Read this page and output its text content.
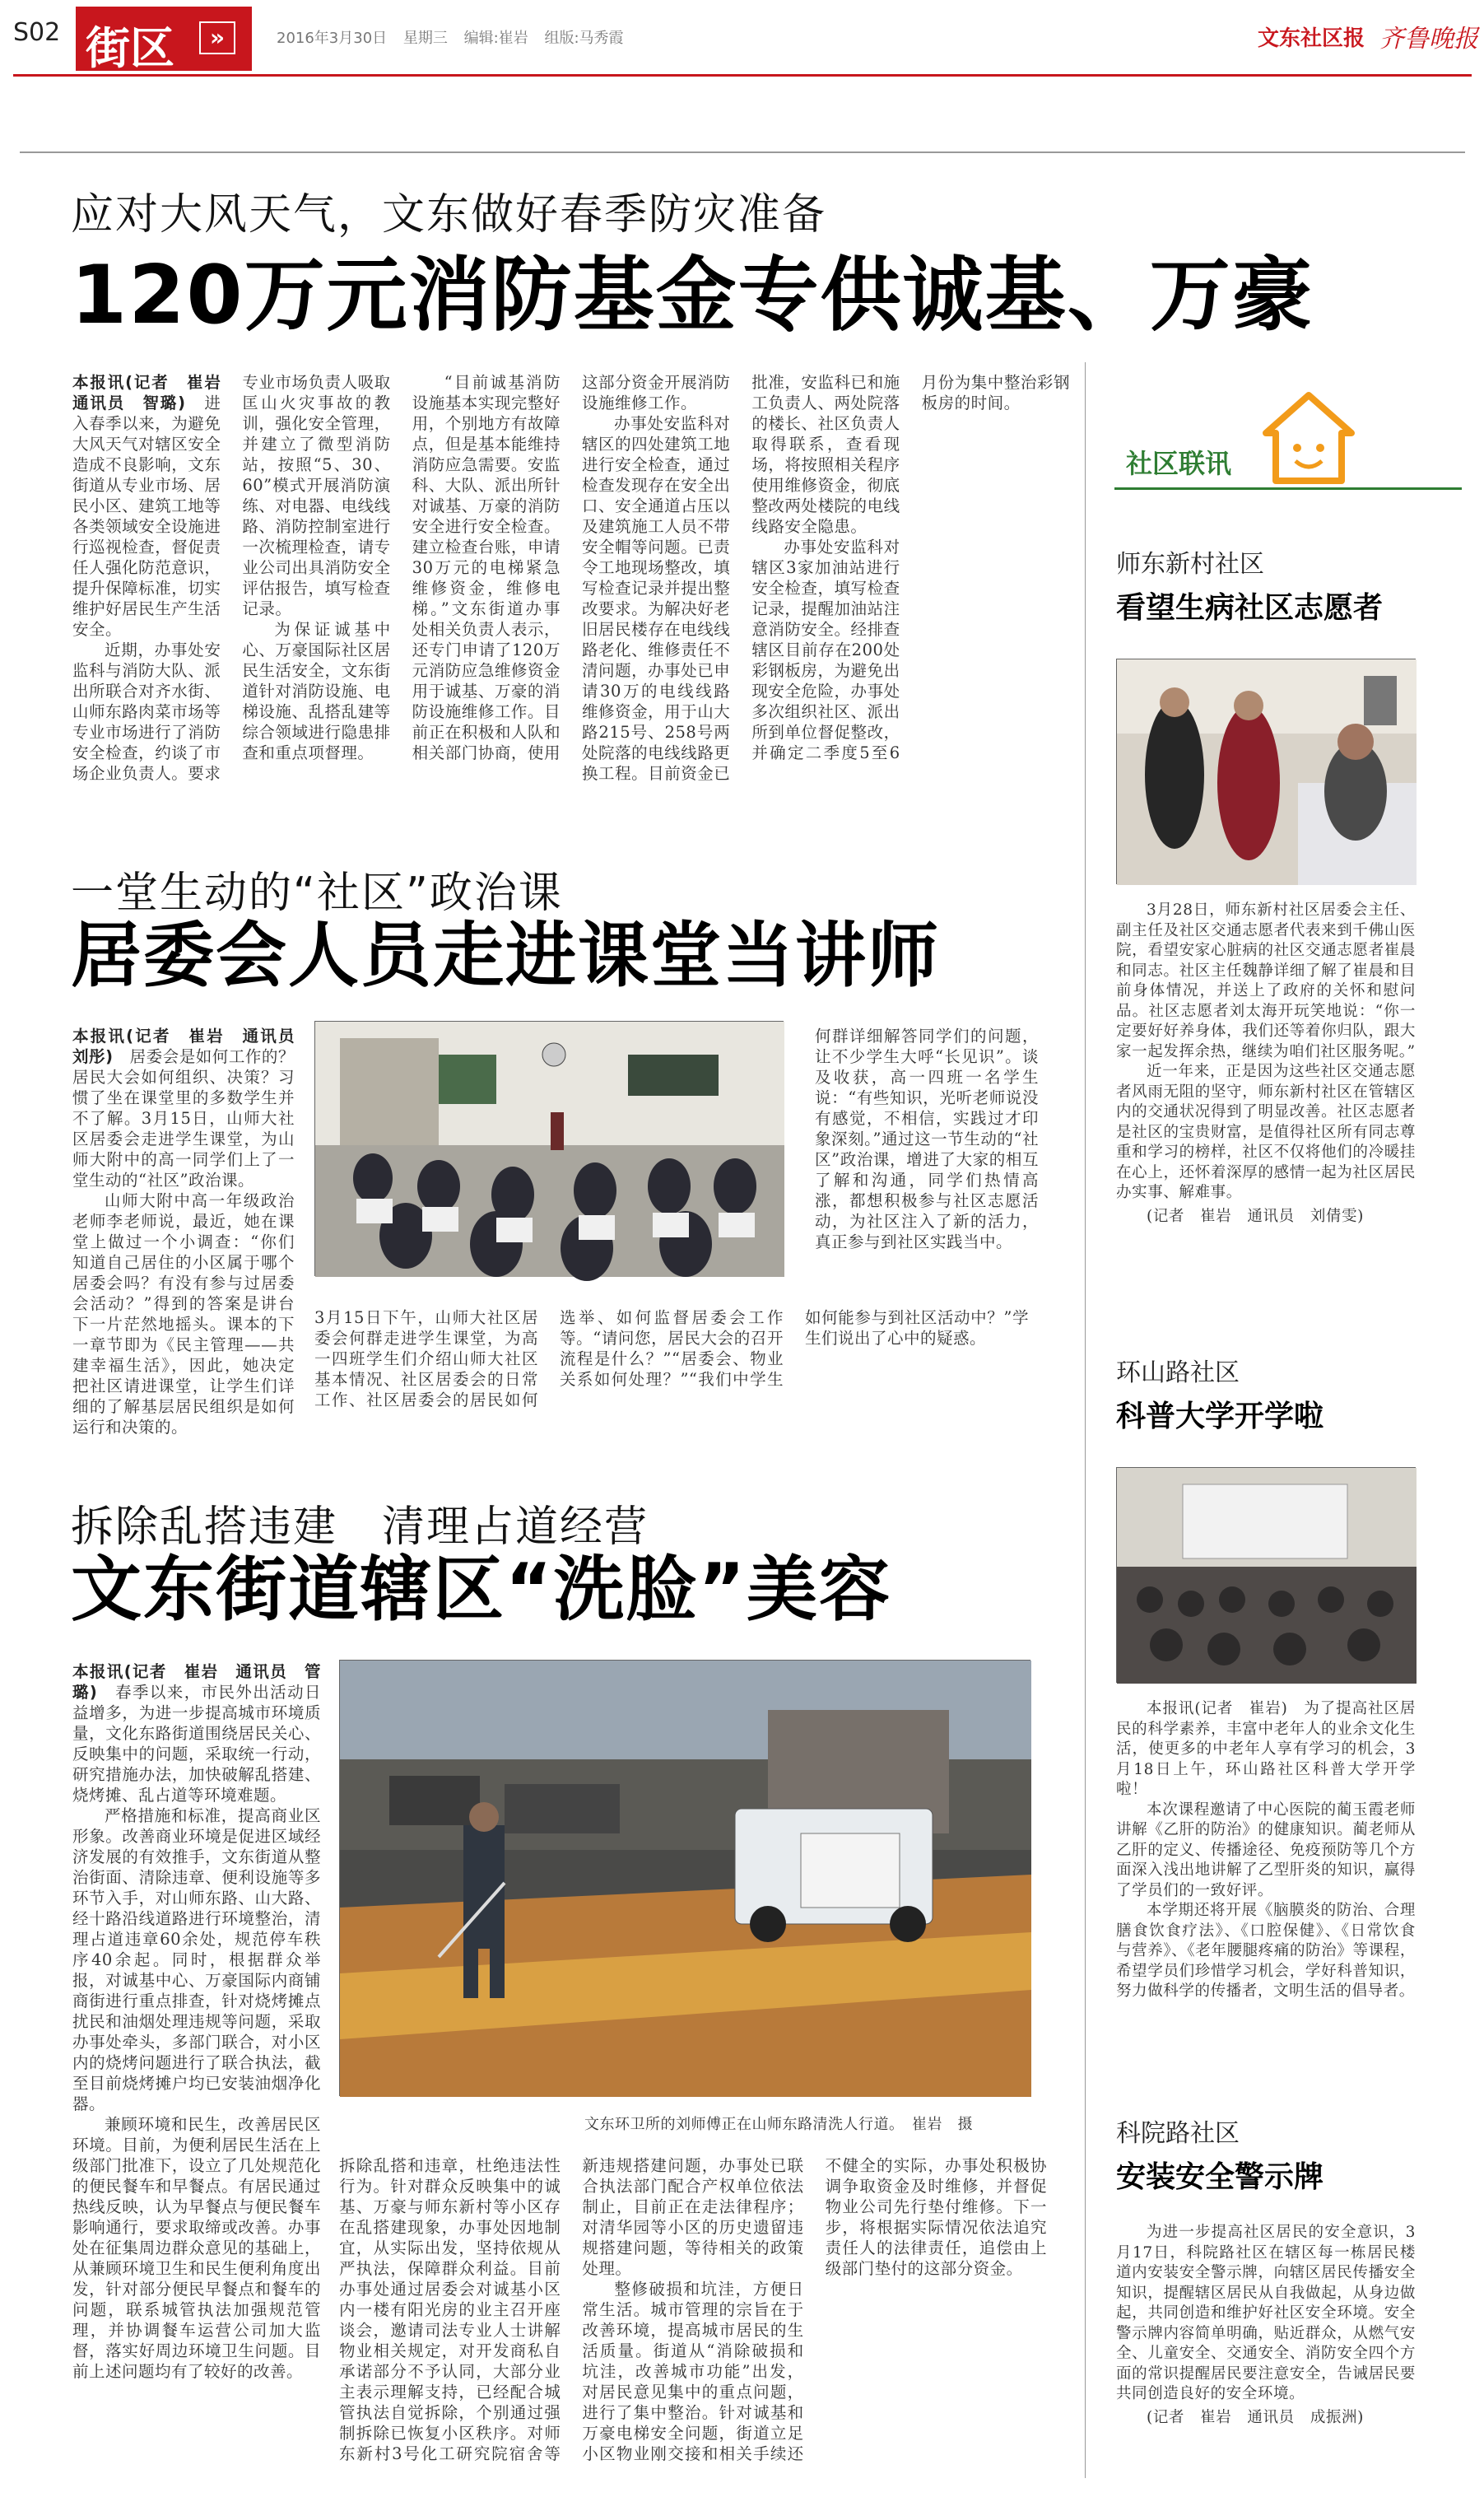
S02 街区	»	2016年3月30日 星期三 编辑:崔岩 组版:马秀霞	文东社区报 齐鲁晚报
应对大风天气，文东做好春季防灾准备
120万元消防基金专供诚基、万豪

本报讯(记者　崔岩　通讯员　智璐)　 进入春季以来，为避免大风天气对辖区安全造成不良影响，文东街道从专业市场、居民小区、建筑工地等各类领域安全设施进行巡视检查，督促责任人强化防范意识，提升保障标准，切实维护好居民生产生活安全。

近期，办事处安监科与消防大队、派出所联合对齐水街、山师东路肉菜市场等专业市场进行了消防安全检查，约谈了市场企业负责人。要求专业市场负责人吸取匡山火灾事故的教训，强化安全管理，并建立了微型消防站，按照“5、30、60”模式开展消防演练、对电器、电线线路、消防控制室进行一次梳理检查，请专业公司出具消防安全评估报告，填写检查记录。

为保证诚基中心、万豪国际社区居民生活安全，文东街道针对消防设施、电梯设施、乱搭乱建等综合领域进行隐患排查和重点项督理。

“目前诚基消防设施基本实现完整好用，个别地方有故障点，但是基本能维持消防应急需要。安监科、大队、派出所针对诚基、万豪的消防安全进行安全检查。建立检查台账，申请30万元的电梯紧急维修资金，维修电梯。”文东街道办事处相关负责人表示，还专门申请了120万元消防应急维修资金用于诚基、万豪的消防设施维修工作。目前正在积极和人队和相关部门协商，使用这部分资金开展消防设施维修工作。

办事处安监科对辖区的四处建筑工地进行安全检查，通过检查发现存在安全出口、安全通道占压以及建筑施工人员不带安全帽等问题。已责令工地现场整改，填写检查记录并提出整改要求。为解决好老旧居民楼存在电线线路老化、维修责任不清问题，办事处已申请30万的电线线路维修资金，用于山大路215号、258号两处院落的电线线路更换工程。目前资金已批准，安监科已和施工负责人、两处院落的楼长、社区负责人取得联系，查看现场，将按照相关程序使用维修资金，彻底整改两处楼院的电线线路安全隐患。

办事处安监科对辖区3家加油站进行安全检查，填写检查记录，提醒加油站注意消防安全。经排查辖区目前存在200处彩钢板房，为避免出现安全危险，办事处多次组织社区、派出所到单位督促整改，并确定二季度5至6月份为集中整治彩钢板房的时间。

一堂生动的“社区”政治课
居委会人员走进课堂当讲师

本报讯(记者　崔岩　通讯员　刘彤)　 居委会是如何工作的？居民大会如何组织、决策？习惯了坐在课堂里的多数学生并不了解。3月15日，山师大社区居委会走进学生课堂，为山师大附中的高一同学们上了一堂生动的“社区”政治课。

山师大附中高一年级政治老师李老师说，最近，她在课堂上做过一个小调查：“你们知道自己居住的小区属于哪个居委会吗？有没有参与过居委会活动？”得到的答案是讲台下一片茫然地摇头。课本的下一章节即为《民主管理——共建幸福生活》，因此，她决定把社区请进课堂，让学生们详细的了解基层居民组织是如何运行和决策的。

3月15日下午，山师大社区居委会何群走进学生课堂，为高一四班学生们介绍山师大社区基本情况、社区居委会的日常工作、社区居委会的居民如何选举、如何监督居委会工作等。“请问您，居民大会的召开流程是什么？”“居委会、物业关系如何处理？”“我们中学生如何能参与到社区活动中？”学生们说出了心中的疑惑。

何群详细解答同学们的问题，让不少学生大呼“长见识”。谈及收获，高一四班一名学生说：“有些知识，光听老师说没有感觉，不相信，实践过才印象深刻。”通过这一节生动的“社区”政治课，增进了大家的相互了解和沟通，同学们热情高涨，都想积极参与社区志愿活动，为社区注入了新的活力，真正参与到社区实践当中。

拆除乱搭违建　清理占道经营
文东街道辖区“洗脸”美容
文东环卫所的刘师傅正在山师东路清洗人行道。　崔岩　摄

本报讯(记者　崔岩　通讯员　管璐)　 春季以来，市民外出活动日益增多，为进一步提高城市环境质量，文化东路街道围绕居民关心、反映集中的问题，采取统一行动，研究措施办法，加快破解乱搭建、烧烤摊、乱占道等环境难题。

严格措施和标准，提高商业区形象。改善商业环境是促进区域经济发展的有效推手，文东街道从整治街面、清除违章、便利设施等多环节入手，对山师东路、山大路、经十路沿线道路进行环境整治，清理占道违章60余处，规范停车秩序40余起。同时，根据群众举报，对诚基中心、万豪国际内商铺商街进行重点排查，针对烧烤摊点扰民和油烟处理违规等问题，采取办事处牵头，多部门联合，对小区内的烧烤问题进行了联合执法，截至目前烧烤摊户均已安装油烟净化器。

兼顾环境和民生，改善居民区环境。目前，为便利居民生活在上级部门批准下，设立了几处规范化的便民餐车和早餐点。有居民通过热线反映，认为早餐点与便民餐车影响通行，要求取缔或改善。办事处在征集周边群众意见的基础上，从兼顾环境卫生和民生便利角度出发，针对部分便民早餐点和餐车的问题，联系城管执法加强规范管理，并协调餐车运营公司加大监督，落实好周边环境卫生问题。目前上述问题均有了较好的改善。

拆除乱搭和违章，杜绝违法性行为。针对群众反映集中的诚基、万豪与师东新村等小区存在乱搭建现象，办事处因地制宜，从实际出发，坚持依规从严执法，保障群众利益。目前办事处通过居委会对诚基小区内一楼有阳光房的业主召开座谈会，邀请司法专业人士讲解物业相关规定，对开发商私自承诺部分不予认同，大部分业主表示理解支持，已经配合城管执法自觉拆除，个别通过强制拆除已恢复小区秩序。对师东新村3号化工研究院宿舍等新违规搭建问题，办事处已联合执法部门配合产权单位依法制止，目前正在走法律程序；对清华园等小区的历史遗留违规搭建问题，等待相关的政策处理。

整修破损和坑洼，方便日常生活。城市管理的宗旨在于改善环境，提高城市居民的生活质量。街道从“消除破损和坑洼，改善城市功能”出发，对居民意见集中的重点问题，进行了集中整治。针对诚基和万豪电梯安全问题，街道立足小区物业刚交接和相关手续还不健全的实际，办事处积极协调争取资金及时维修，并督促物业公司先行垫付维修。下一步，将根据实际情况依法追究责任人的法律责任，追偿由上级部门垫付的这部分资金。

社区联讯
师东新村社区
看望生病社区志愿者

3月28日，师东新村社区居委会主任、副主任及社区交通志愿者代表来到千佛山医院，看望安家心脏病的社区交通志愿者崔晨和同志。社区主任魏静详细了解了崔晨和目前身体情况，并送上了政府的关怀和慰问品。社区志愿者刘太海开玩笑地说：“你一定要好好养身体，我们还等着你归队，跟大家一起发挥余热，继续为咱们社区服务呢。”

近一年来，正是因为这些社区交通志愿者风雨无阻的坚守，师东新村社区在管辖区内的交通状况得到了明显改善。社区志愿者是社区的宝贵财富，是值得社区所有同志尊重和学习的榜样，社区不仅将他们的冷暖挂在心上，还怀着深厚的感情一起为社区居民办实事、解难事。

(记者　崔岩　通讯员　刘倩雯)

环山路社区
科普大学开学啦

本报讯(记者　崔岩)　为了提高社区居民的科学素养，丰富中老年人的业余文化生活，使更多的中老年人享有学习的机会，3月18日上午，环山路社区科普大学开学啦！

本次课程邀请了中心医院的蔺玉霞老师讲解《乙肝的防治》的健康知识。蔺老师从乙肝的定义、传播途径、免疫预防等几个方面深入浅出地讲解了乙型肝炎的知识，赢得了学员们的一致好评。

本学期还将开展《脑膜炎的防治、合理膳食饮食疗法》、《口腔保健》、《日常饮食与营养》、《老年腰腿疼痛的防治》等课程，希望学员们珍惜学习机会，学好科普知识，努力做科学的传播者，文明生活的倡导者。

科院路社区
安装安全警示牌

为进一步提高社区居民的安全意识，3月17日，科院路社区在辖区每一栋居民楼道内安装安全警示牌，向辖区居民传播安全知识，提醒辖区居民从自我做起，从身边做起，共同创造和维护好社区安全环境。安全警示牌内容简单明确，贴近群众，从燃气安全、儿童安全、交通安全、消防安全四个方面的常识提醒居民要注意安全，告诫居民要共同创造良好的安全环境。

(记者　崔岩　通讯员　成振洲)
